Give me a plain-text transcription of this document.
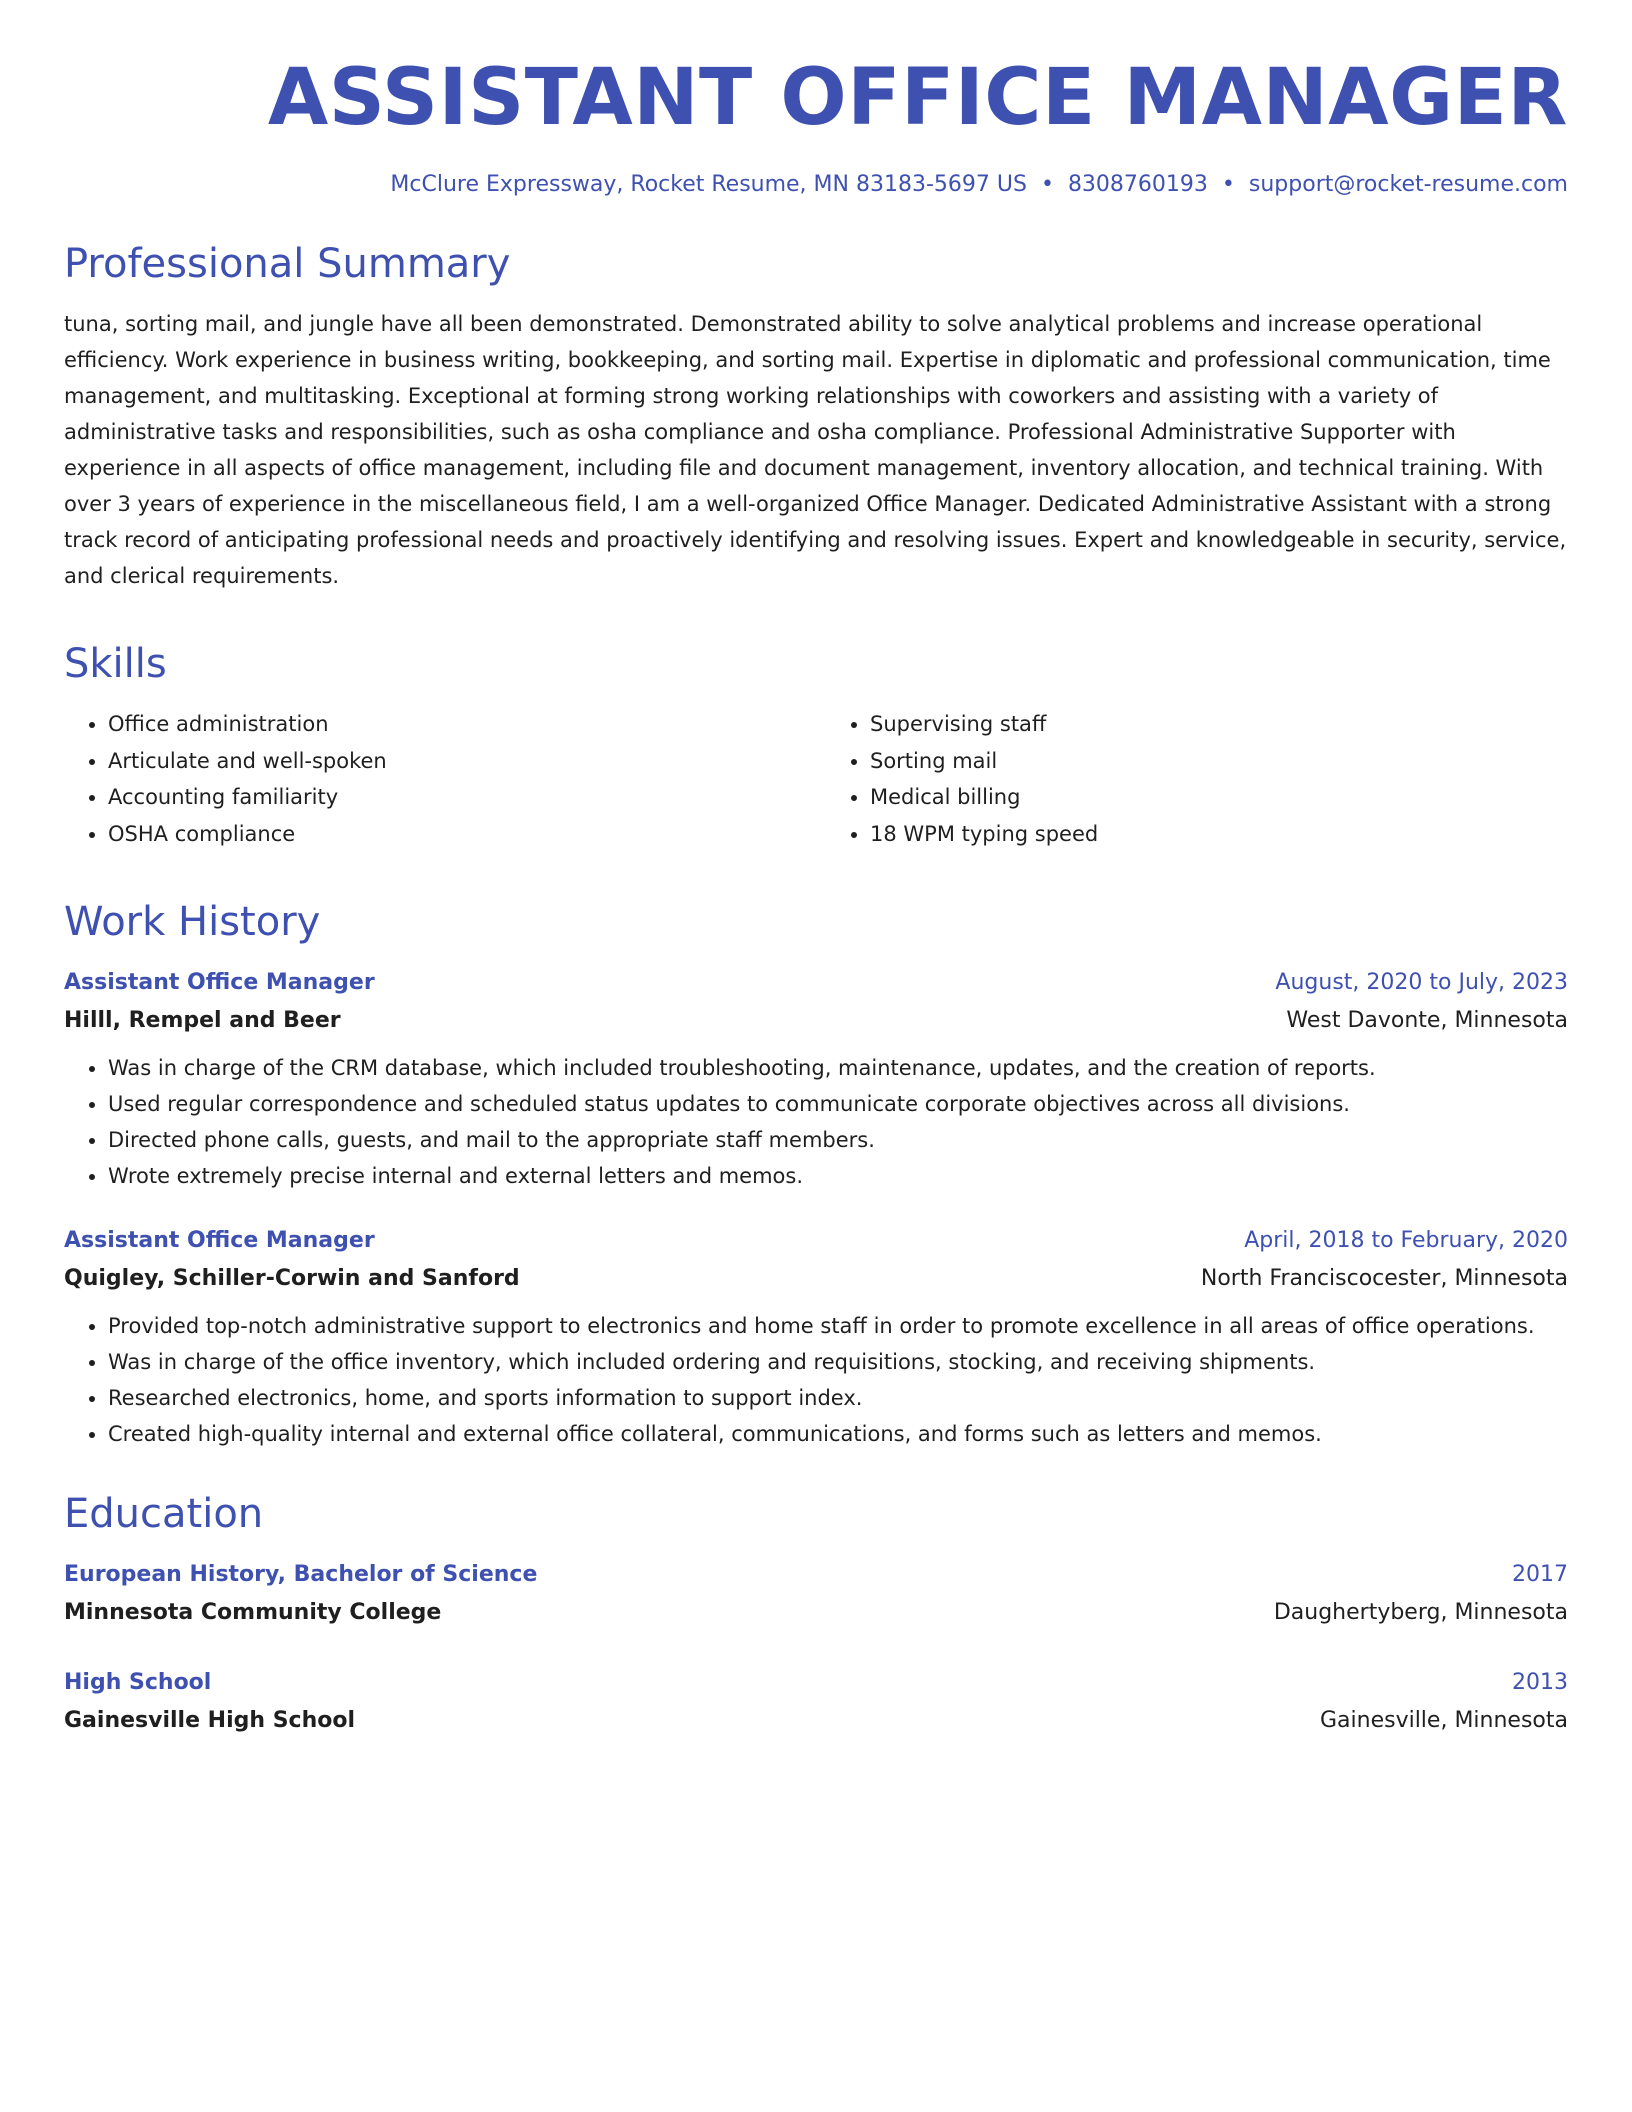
ASSISTANT OFFICE MANAGER
McClure Expressway, Rocket Resume, MN 83183-5697 US • 8308760193 • support@rocket-resume.com
Professional Summary

tuna, sorting mail, and jungle have all been demonstrated. Demonstrated ability to solve analytical problems and increase operational efficiency. Work experience in business writing, bookkeeping, and sorting mail. Expertise in diplomatic and professional communication, time management, and multitasking. Exceptional at forming strong working relationships with coworkers and assisting with a variety of administrative tasks and responsibilities, such as osha compliance and osha compliance. Professional Administrative Supporter with experience in all aspects of office management, including file and document management, inventory allocation, and technical training. With over 3 years of experience in the miscellaneous field, I am a well-organized Office Manager. Dedicated Administrative Assistant with a strong track record of anticipating professional needs and proactively identifying and resolving issues. Expert and knowledgeable in security, service, and clerical requirements.

Skills
• Office administration
• Articulate and well-spoken
• Accounting familiarity
• OSHA compliance
• Supervising staff
• Sorting mail
• Medical billing
• 18 WPM typing speed
Work History
Assistant Office Manager	August, 2020 to July, 2023
Hilll, Rempel and Beer	West Davonte, Minnesota
• Was in charge of the CRM database, which included troubleshooting, maintenance, updates, and the creation of reports.
• Used regular correspondence and scheduled status updates to communicate corporate objectives across all divisions.
• Directed phone calls, guests, and mail to the appropriate staff members.
• Wrote extremely precise internal and external letters and memos.
Assistant Office Manager	April, 2018 to February, 2020
Quigley, Schiller-Corwin and Sanford	North Franciscocester, Minnesota
• Provided top-notch administrative support to electronics and home staff in order to promote excellence in all areas of office operations.
• Was in charge of the office inventory, which included ordering and requisitions, stocking, and receiving shipments.
• Researched electronics, home, and sports information to support index.
• Created high-quality internal and external office collateral, communications, and forms such as letters and memos.
Education
European History, Bachelor of Science	2017
Minnesota Community College	Daughertyberg, Minnesota
High School	2013
Gainesville High School	Gainesville, Minnesota
